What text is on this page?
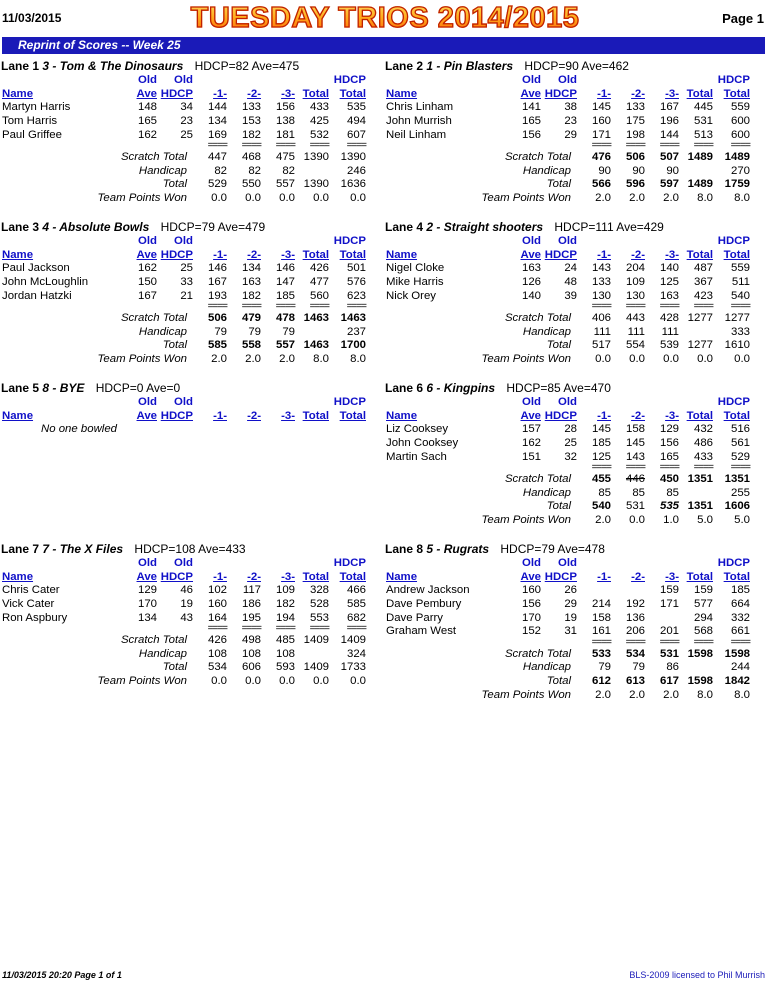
11/03/2015	TUESDAY TRIOS 2014/2015	Page 1
Reprint of Scores -- Week 25
Lane 1 3 - Tom & The Dinosaurs HDCP=82 Ave=475
	Old	Old					HDCP
Name	Ave	HDCP	-1-	-2-	-3-	Total	Total
Martyn Harris	148	34	144	133	156	433	535
Tom Harris	165	23	134	153	138	425	494
Paul Griffee	162	25	169	182	181	532	607
			====	====	====	====	====
Scratch Total			447	468	475	1390	1390
Handicap			82	82	82		246
Total			529	550	557	1390	1636
Team Points Won			0.0	0.0	0.0	0.0	0.0
Lane 2 1 - Pin Blasters HDCP=90 Ave=462
	Old	Old					HDCP
Name	Ave	HDCP	-1-	-2-	-3-	Total	Total
Chris Linham	141	38	145	133	167	445	559
John Murrish	165	23	160	175	196	531	600
Neil Linham	156	29	171	198	144	513	600
			====	====	====	====	====
Scratch Total			476	506	507	1489	1489
Handicap			90	90	90		270
Total			566	596	597	1489	1759
Team Points Won			2.0	2.0	2.0	8.0	8.0
Lane 3 4 - Absolute Bowls HDCP=79 Ave=479
	Old	Old					HDCP
Name	Ave	HDCP	-1-	-2-	-3-	Total	Total
Paul Jackson	162	25	146	134	146	426	501
John McLoughlin	150	33	167	163	147	477	576
Jordan Hatzki	167	21	193	182	185	560	623
			====	====	====	====	====
Scratch Total			506	479	478	1463	1463
Handicap			79	79	79		237
Total			585	558	557	1463	1700
Team Points Won			2.0	2.0	2.0	8.0	8.0
Lane 4 2 - Straight shooters HDCP=111 Ave=429
	Old	Old					HDCP
Name	Ave	HDCP	-1-	-2-	-3-	Total	Total
Nigel Cloke	163	24	143	204	140	487	559
Mike Harris	126	48	133	109	125	367	511
Nick Orey	140	39	130	130	163	423	540
			====	====	====	====	====
Scratch Total			406	443	428	1277	1277
Handicap			111	111	111		333
Total			517	554	539	1277	1610
Team Points Won			0.0	0.0	0.0	0.0	0.0
Lane 5 8 - BYE HDCP=0 Ave=0
	Old	Old					HDCP
Name	Ave	HDCP	-1-	-2-	-3-	Total	Total
No one bowled							
Lane 6 6 - Kingpins HDCP=85 Ave=470
	Old	Old					HDCP
Name	Ave	HDCP	-1-	-2-	-3-	Total	Total
Liz Cooksey	157	28	145	158	129	432	516
John Cooksey	162	25	185	145	156	486	561
Martin Sach	151	32	125	143	165	433	529
			====	====	====	====	====
Scratch Total			455	446	450	1351	1351
Handicap			85	85	85		255
Total			540	531	535	1351	1606
Team Points Won			2.0	0.0	1.0	5.0	5.0
Lane 7 7 - The X Files HDCP=108 Ave=433
	Old	Old					HDCP
Name	Ave	HDCP	-1-	-2-	-3-	Total	Total
Chris Cater	129	46	102	117	109	328	466
Vick Cater	170	19	160	186	182	528	585
Ron Aspbury	134	43	164	195	194	553	682
			====	====	====	====	====
Scratch Total			426	498	485	1409	1409
Handicap			108	108	108		324
Total			534	606	593	1409	1733
Team Points Won			0.0	0.0	0.0	0.0	0.0
Lane 8 5 - Rugrats HDCP=79 Ave=478
	Old	Old					HDCP
Name	Ave	HDCP	-1-	-2-	-3-	Total	Total
Andrew Jackson	160	26			159	159	185
Dave Pembury	156	29	214	192	171	577	664
Dave Parry	170	19	158	136		294	332
Graham West	152	31	161	206	201	568	661
			====	====	====	====	====
Scratch Total			533	534	531	1598	1598
Handicap			79	79	86		244
Total			612	613	617	1598	1842
Team Points Won			2.0	2.0	2.0	8.0	8.0
11/03/2015 20:20 Page 1 of 1	BLS-2009 licensed to Phil Murrish
